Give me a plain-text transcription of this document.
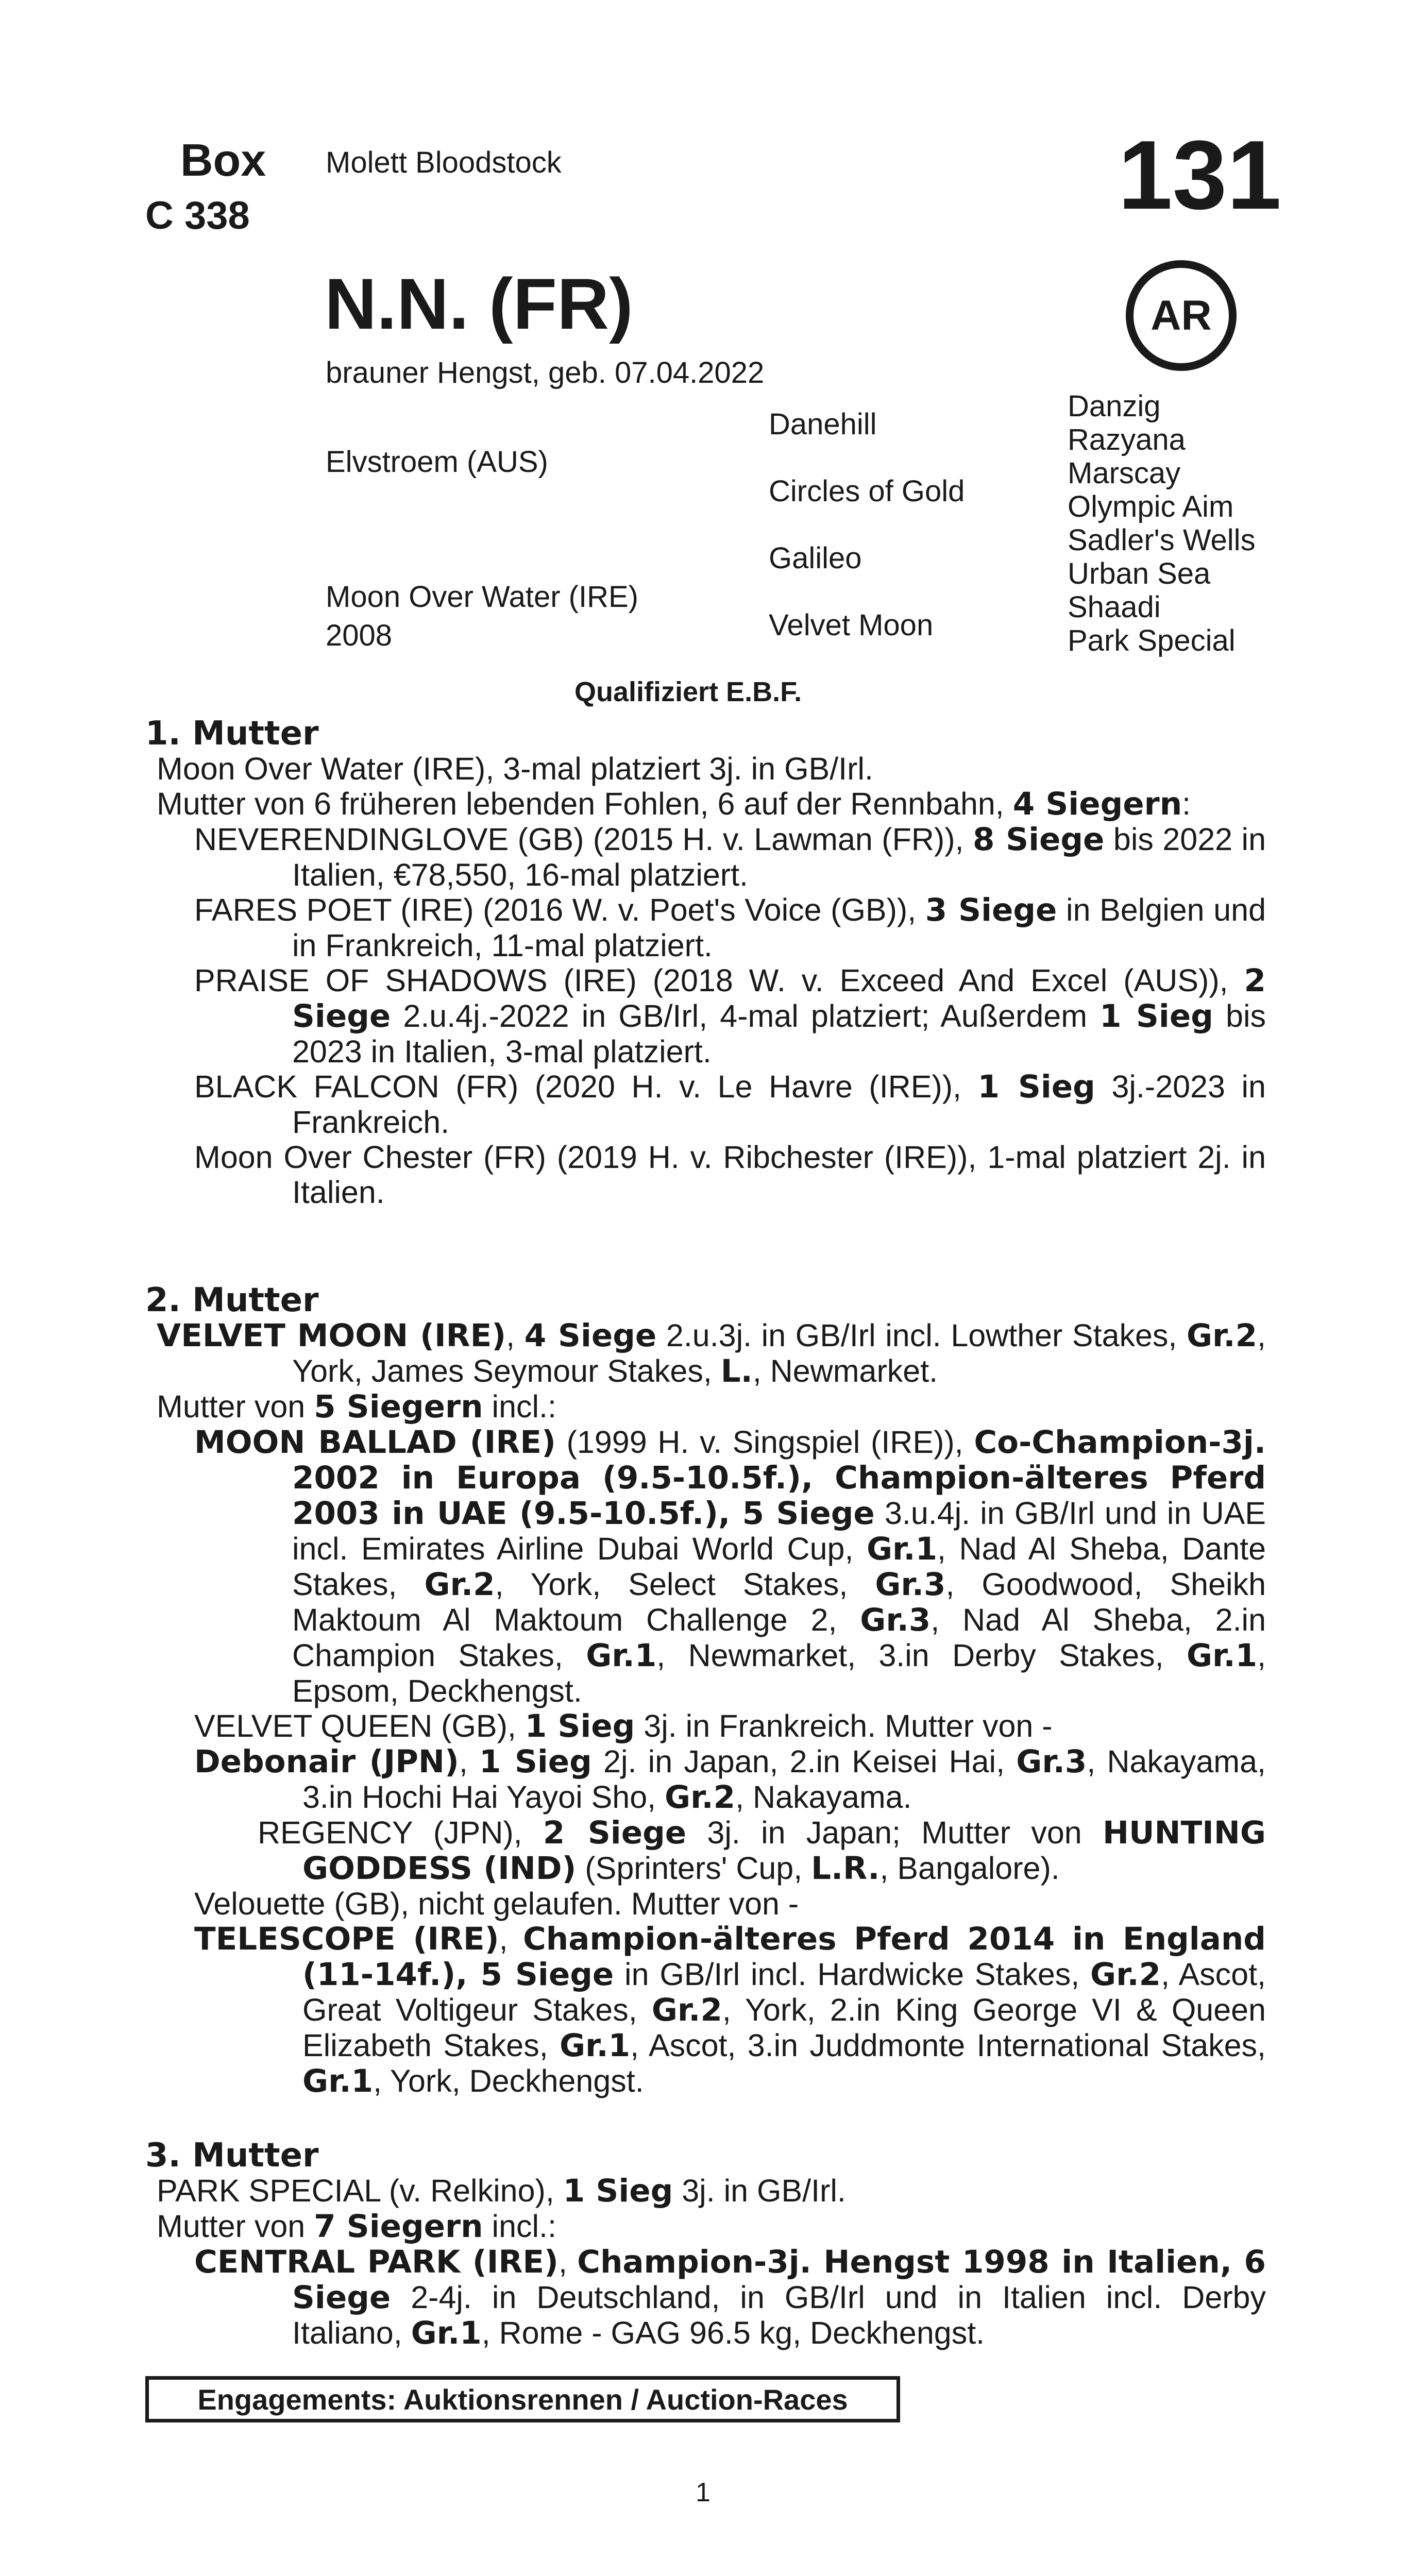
Box
C 338
Molett Bloodstock	131
N.N. (FR)	AR
brauner Hengst, geb. 07.04.2022
Elvstroem (AUS)
Moon Over Water (IRE)
2008
Danehill
Circles of Gold
Galileo
Velvet Moon
Danzig
Razyana
Marscay
Olympic Aim
Sadler's Wells
Urban Sea
Shaadi
Park Special
Qualifiziert E.B.F.

1. Mutter

Moon Over Water (IRE), 3-mal platziert 3j. in GB/Irl.

Mutter von 6 früheren lebenden Fohlen, 6 auf der Rennbahn, 4 Siegern:

NEVERENDINGLOVE (GB) (2015 H. v. Lawman (FR)), 8 Siege bis 2022 in Italien, €78,550, 16-mal platziert.

FARES POET (IRE) (2016 W. v. Poet's Voice (GB)), 3 Siege in Belgien und in Frankreich, 11-mal platziert.

PRAISE OF SHADOWS (IRE) (2018 W. v. Exceed And Excel (AUS)), 2 Siege 2.u.4j.-2022 in GB/Irl, 4-mal platziert; Außerdem 1 Sieg bis 2023 in Italien, 3-mal platziert.

BLACK FALCON (FR) (2020 H. v. Le Havre (IRE)), 1 Sieg 3j.-2023 in Frankreich.

Moon Over Chester (FR) (2019 H. v. Ribchester (IRE)), 1-mal platziert 2j. in Italien.

2. Mutter

VELVET MOON (IRE), 4 Siege 2.u.3j. in GB/Irl incl. Lowther Stakes, Gr.2, York, James Seymour Stakes, L., Newmarket.

Mutter von 5 Siegern incl.:

MOON BALLAD (IRE) (1999 H. v. Singspiel (IRE)), Co-Champion-3j. 2002 in Europa (9.5-10.5f.), Champion-älteres Pferd 2003 in UAE (9.5-10.5f.), 5 Siege 3.u.4j. in GB/Irl und in UAE incl. Emirates Airline Dubai World Cup, Gr.1, Nad Al Sheba, Dante Stakes, Gr.2, York, Select Stakes, Gr.3, Goodwood, Sheikh Maktoum Al Maktoum Challenge 2, Gr.3, Nad Al Sheba, 2.in Champion Stakes, Gr.1, Newmarket, 3.in Derby Stakes, Gr.1, Epsom, Deckhengst.

VELVET QUEEN (GB), 1 Sieg 3j. in Frankreich. Mutter von -

Debonair (JPN), 1 Sieg 2j. in Japan, 2.in Keisei Hai, Gr.3, Nakayama, 3.in Hochi Hai Yayoi Sho, Gr.2, Nakayama.

REGENCY (JPN), 2 Siege 3j. in Japan; Mutter von HUNTING GODDESS (IND) (Sprinters' Cup, L.R., Bangalore).

Velouette (GB), nicht gelaufen. Mutter von -

TELESCOPE (IRE), Champion-älteres Pferd 2014 in England (11-14f.), 5 Siege in GB/Irl incl. Hardwicke Stakes, Gr.2, Ascot, Great Voltigeur Stakes, Gr.2, York, 2.in King George VI & Queen Elizabeth Stakes, Gr.1, Ascot, 3.in Juddmonte International Stakes, Gr.1, York, Deckhengst.

3. Mutter

PARK SPECIAL (v. Relkino), 1 Sieg 3j. in GB/Irl.

Mutter von 7 Siegern incl.:

CENTRAL PARK (IRE), Champion-3j. Hengst 1998 in Italien, 6 Siege 2-4j. in Deutschland, in GB/Irl und in Italien incl. Derby Italiano, Gr.1, Rome - GAG 96.5 kg, Deckhengst.

Engagements: Auktionsrennen / Auction-Races
1
